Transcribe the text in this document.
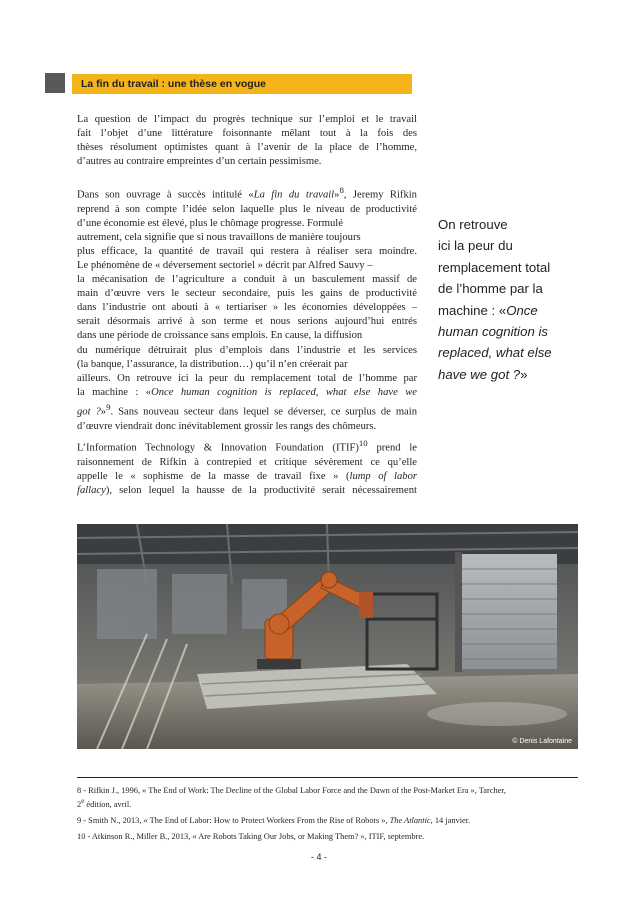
La fin du travail : une thèse en vogue
La question de l’impact du progrès technique sur l’emploi et le travail
fait l’objet d’une littérature foisonnante mêlant tout à la fois des
thèses résolument optimistes quant à l’avenir de la place de l’homme,
d’autres au contraire empreintes d’un certain pessimisme.
Dans son ouvrage à succès intitulé «La fin du travail»$^8$, Jeremy Rifkin
reprend à son compte l’idée selon laquelle plus le niveau de productivité
d’une économie est élevé, plus le chômage progresse. Formulé
autrement, cela signifie que si nous travaillons de manière toujours
plus efficace, la quantité de travail qui restera à réaliser sera moindre.
Le phénomène de « déversement sectoriel » décrit par Alfred Sauvy –
la mécanisation de l’agriculture a conduit à un basculement massif de
main d’œuvre vers le secteur secondaire, puis les gains de productivité
dans l’industrie ont abouti à « tertiariser » les économies développées –
serait désormais arrivé à son terme et nous serions aujourd’hui entrés
dans une période de croissance sans emplois. En cause, la diffusion
du numérique détruirait plus d’emplois dans l’industrie et les services
(la banque, l’assurance, la distribution…) qu’il n’en créerait par
ailleurs. On retrouve ici la peur du remplacement total de l’homme par
la machine : «Once human cognition is replaced, what else have we
got ?»$^9$. Sans nouveau secteur dans lequel se déverser, ce surplus de main
d’œuvre viendrait donc inévitablement grossir les rangs des chômeurs.
L’Information Technology & Innovation Foundation (ITIF)$^{10}$ prend le
raisonnement de Rifkin à contrepied et critique sévèrement ce qu’elle
appelle le « sophisme de la masse de travail fixe » (lump of labor
fallacy), selon lequel la hausse de la productivité serait nécessairement
On retrouve
ici la peur du
remplacement total
de l’homme par la
machine : «Once
human cognition is
replaced, what else
have we got ?»
© Denis Lafontaine
8 - Rifkin J., 1996, « The End of Work: The Decline of the Global Labor Force and the Dawn of the Post-Market Era », Tarcher,
2e édition, avril.
9 - Smith N., 2013, « The End of Labor: How to Protect Workers From the Rise of Robots », The Atlantic, 14 janvier.
10 - Atkinson R., Miller B., 2013, « Are Robots Taking Our Jobs, or Making Them? », ITIF, septembre.
- 4 -
